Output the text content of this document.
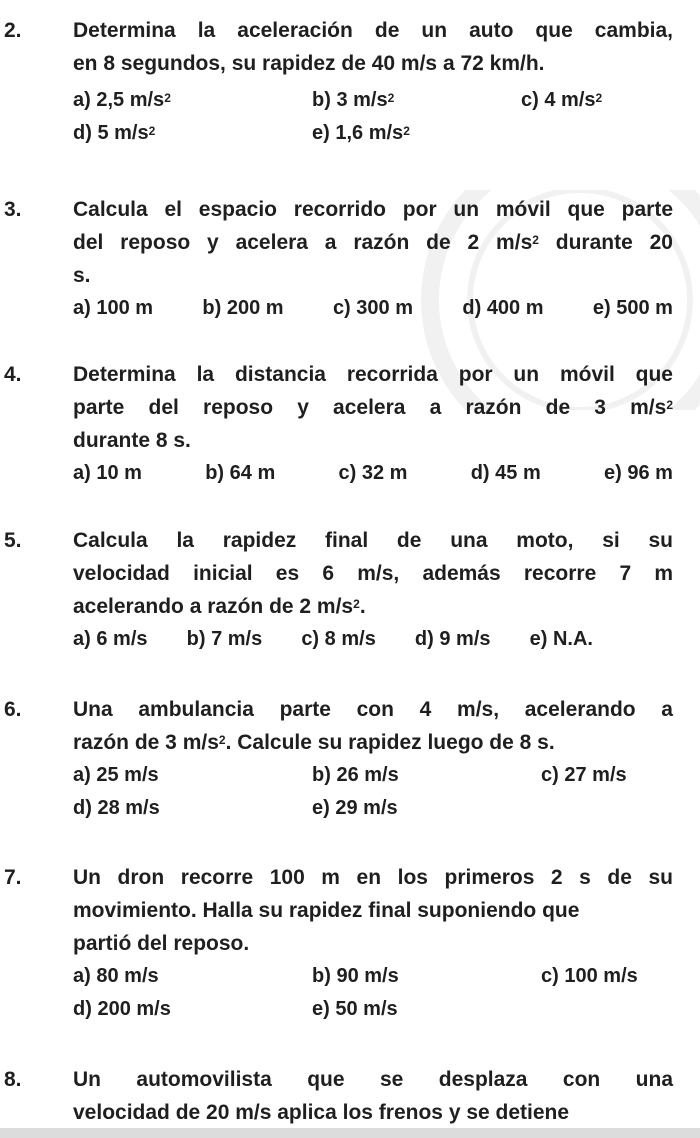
2. Determina la aceleración de un auto que cambia,
en 8 segundos, su rapidez de 40 m/s a 72 km/h.
a) 2,5 $m/s^2$	b) 3 $m/s^2$	c) 4 $m/s^2$
d) 5 $m/s^2$	e) 1,6 $m/s^2$
3. Calcula el espacio recorrido por un móvil que parte
del reposo y acelera a razón de 2 $m/s^2$ durante 20
s.
a) 100 m b) 200 m c) 300 m d) 400 m e) 500 m
4. Determina la distancia recorrida por un móvil que
parte del reposo y acelera a razón de 3 $m/s^2$
durante 8 s.
a) 10 m	b) 64 m	c) 32 m	d) 45 m	e) 96 m
5. Calcula la rapidez final de una moto, si su
velocidad inicial es 6 m/s, además recorre 7 m
acelerando a razón de 2 $m/s^2$.
a) 6 m/s b) 7 m/s c) 8 m/s d) 9 m/s e) N.A.
6. Una ambulancia parte con 4 m/s, acelerando a
razón de 3 $m/s^2$. Calcule su rapidez luego de 8 s.
a) 25 m/s	b) 26 m/s	c) 27 m/s
d) 28 m/s	e) 29 m/s
7. Un dron recorre 100 m en los primeros 2 s de su
movimiento. Halla su rapidez final suponiendo que
partió del reposo.
a) 80 m/s	b) 90 m/s	c) 100 m/s
d) 200 m/s	e) 50 m/s
8. Un automovilista que se desplaza con una
velocidad de 20 m/s aplica los frenos y se detiene
